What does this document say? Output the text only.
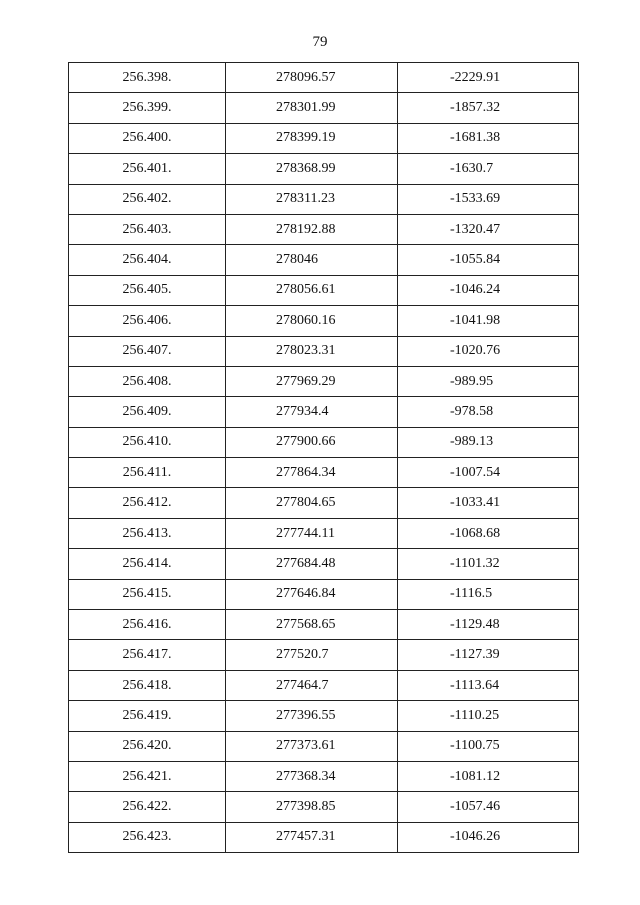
79
256.398.	278096.57	-2229.91
256.399.	278301.99	-1857.32
256.400.	278399.19	-1681.38
256.401.	278368.99	-1630.7
256.402.	278311.23	-1533.69
256.403.	278192.88	-1320.47
256.404.	278046	-1055.84
256.405.	278056.61	-1046.24
256.406.	278060.16	-1041.98
256.407.	278023.31	-1020.76
256.408.	277969.29	-989.95
256.409.	277934.4	-978.58
256.410.	277900.66	-989.13
256.411.	277864.34	-1007.54
256.412.	277804.65	-1033.41
256.413.	277744.11	-1068.68
256.414.	277684.48	-1101.32
256.415.	277646.84	-1116.5
256.416.	277568.65	-1129.48
256.417.	277520.7	-1127.39
256.418.	277464.7	-1113.64
256.419.	277396.55	-1110.25
256.420.	277373.61	-1100.75
256.421.	277368.34	-1081.12
256.422.	277398.85	-1057.46
256.423.	277457.31	-1046.26
